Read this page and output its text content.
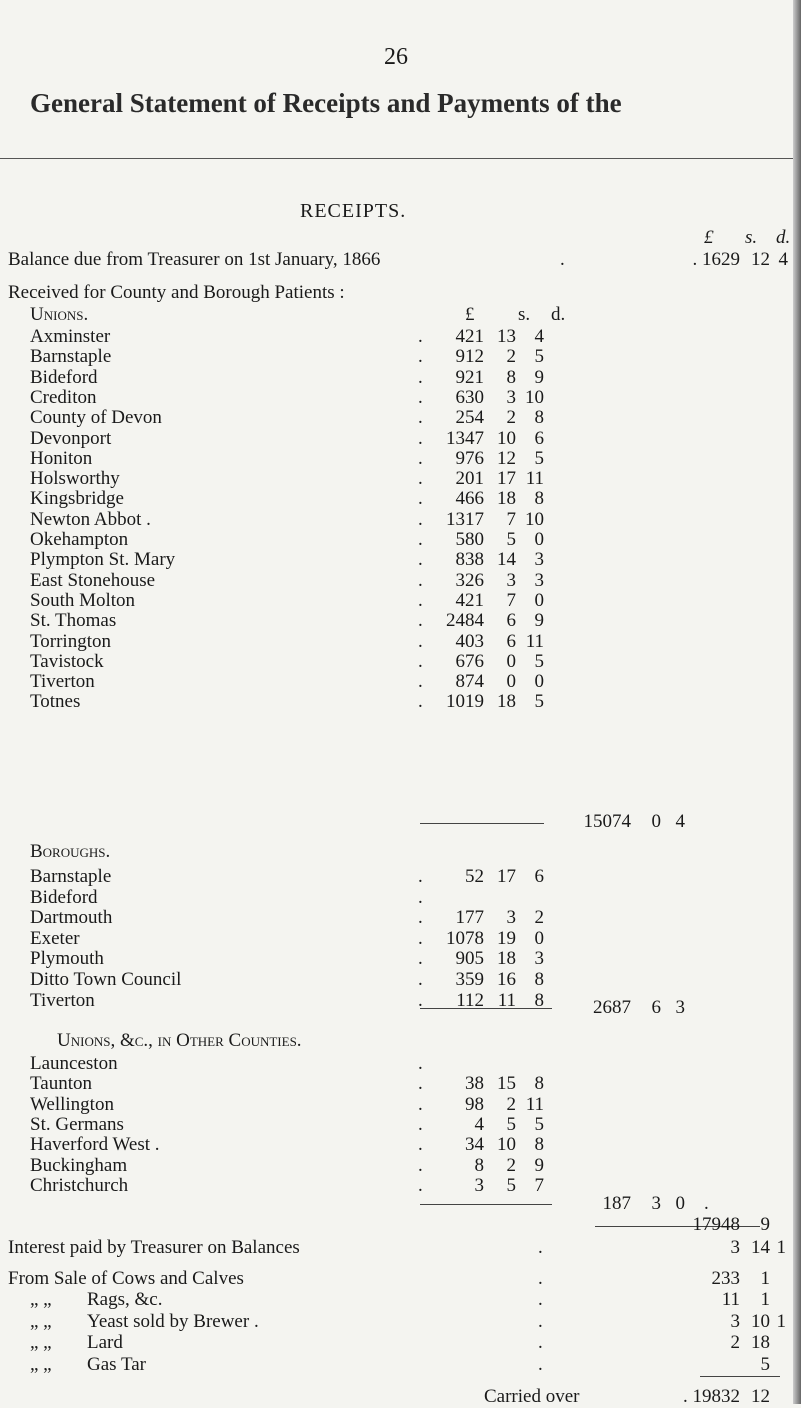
26
General Statement of Receipts and Payments of the
RECEIPTS.
£ s. d.
Balance due from Treasurer on 1st January, 1866	.	. 1629 12 4
Received for County and Borough Patients :
Unions.	£ s. d.
Axminster	.	421 13 4
Barnstaple	.	912	2 5
Bideford	.	921	8 9
Crediton	.	630	3 10
County of Devon	.	254	2 8
Devonport	.	1347 10 6
Honiton	.	976 12 5
Holsworthy	.	201 17 11
Kingsbridge	.	466 18 8
Newton Abbot .	.	1317	7 10
Okehampton	.	580	5 0
Plympton St. Mary	.	838 14 3
East Stonehouse	.	326	3 3
South Molton	.	421	7 0
St. Thomas	.	2484	6 9
Torrington	.	403	6 11
Tavistock	.	676	0 5
Tiverton	.	874	0 0
Totnes	.	1019 18 5
15074	0 4
Boroughs.
Barnstaple	.	52 17 6
Bideford	.
Dartmouth	.	177	3 2
Exeter	.	1078 19 0
Plymouth	.	905 18 3
Ditto Town Council	.	359 16 8
Tiverton	.	112 11 8	2687	6 3
Unions, &c., in Other Counties.
Launceston	.
Taunton	.	38 15 8
Wellington	.	98	2 11
St. Germans	.	4	5 5
Haverford West .	.	34 10 8
Buckingham	.	8	2 9
Christchurch	.	3	5 7
187	3 0 .
17948	9
Interest paid by Treasurer on Balances	.	3 14 1
From Sale of Cows and Calves	.	233	1
„ „ Rags, &c.	.	11	1
„ „ Yeast sold by Brewer .	.	3 10 1
„ „ Lard	.	2 18
„ „ Gas Tar	.	5
Carried over	. 19832 12
